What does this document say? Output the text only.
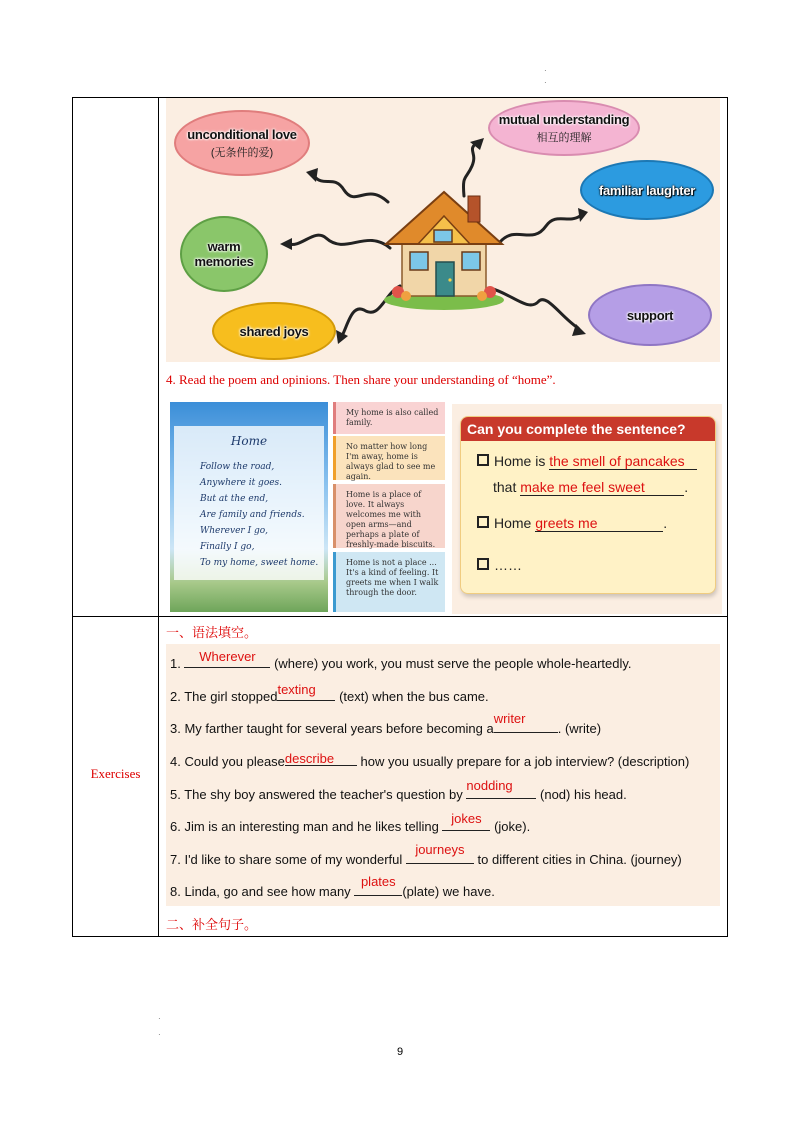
·
·
Exercises
unconditional love
(无条件的爱)
mutual understanding
相互的理解
familiar laughter
warm memories
shared joys
support
4. Read the poem and opinions. Then share your understanding of “home”.
Home
Follow the road,
Anywhere it goes.
But at the end,
Are family and friends.
Wherever I go,
Finally I go,
To my home, sweet home.
My home is also called family.
No matter how long I'm away, home is always glad to see me again.
Home is a place of love. It always welcomes me with open arms—and perhaps a plate of freshly-made biscuits.
Home is not a place ... It's a kind of feeling. It greets me when I walk through the door.
Can you complete the sentence?
Home is the smell of pancakes
that make me feel sweet	.
Home greets me	.
……
一、语法填空。
1.	Wherever	(where) you work, you must serve the people whole-heartedly.
2. The girl stopped texting	(text) when the bus came.
3. My farther taught for several years before becoming a
writer
. (write)
4. Could you please describe	how you usually prepare for a job interview? (description)
5. The shy boy answered the teacher's question by
nodding
(nod) his head.
6. Jim is an interesting man and he likes telling
jokes
(joke).
7. I'd like to share some of my wonderful
journeys
to different cities in China. (journey)
8. Linda, go and see how many
plates
(plate) we have.
二、补全句子。
·
·
9
